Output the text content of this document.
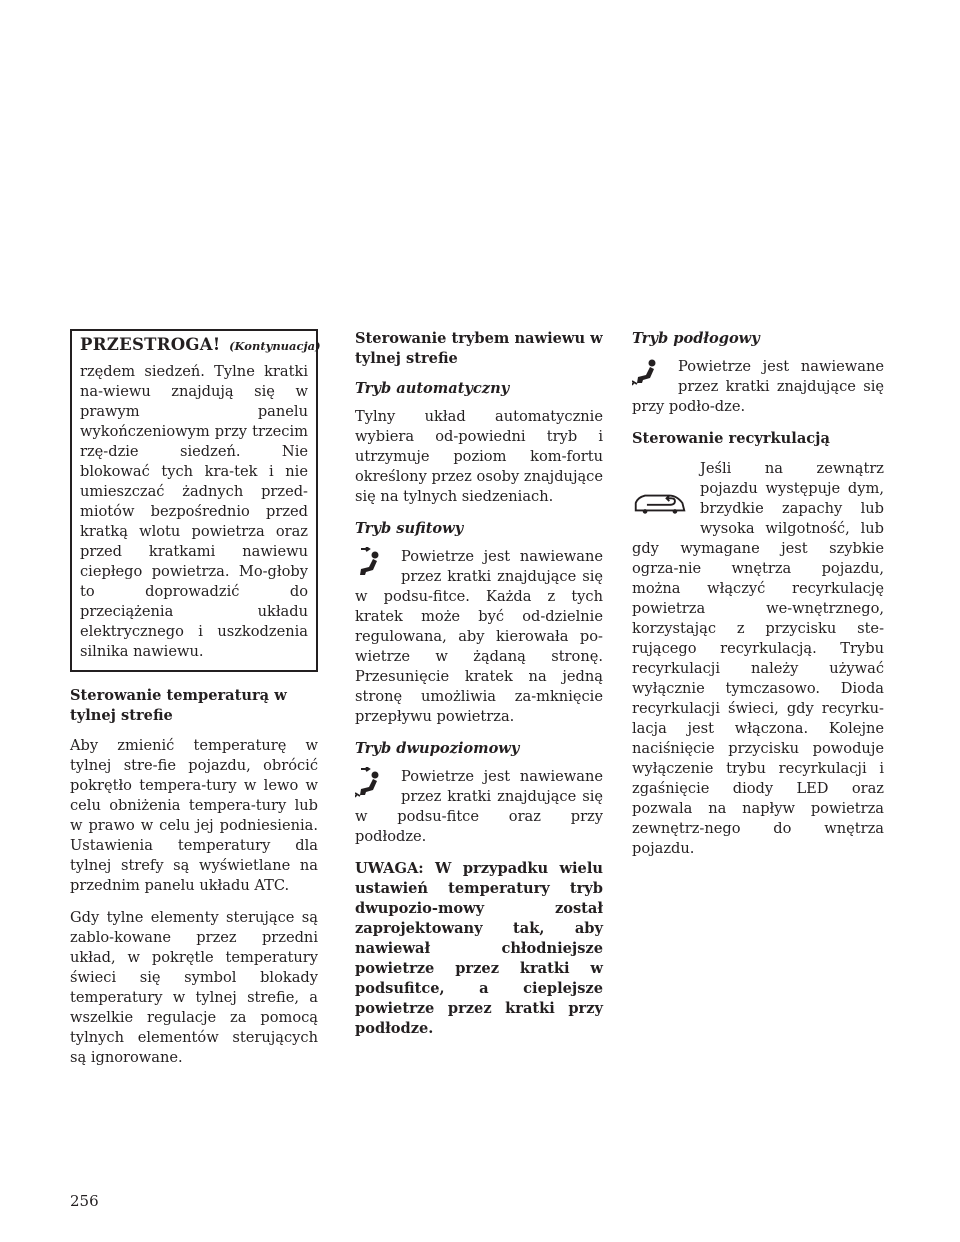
PRZESTROGA! (Kontynuacja)

rzędem siedzeń. Tylne kratki na-wiewu znajdują się w prawym panelu wykończeniowym przy trzecim rzę-dzie siedzeń. Nie blokować tych kra-tek i nie umieszczać żadnych przed-miotów bezpośrednio przed kratką wlotu powietrza oraz przed kratkami nawiewu ciepłego powietrza. Mo-głoby to doprowadzić do przeciążenia układu elektrycznego i uszkodzenia silnika nawiewu.

Sterowanie temperaturą w tylnej strefie

Aby zmienić temperaturę w tylnej stre-fie pojazdu, obrócić pokrętło tempera-tury w lewo w celu obniżenia tempera-tury lub w prawo w celu jej podniesienia. Ustawienia temperatury dla tylnej strefy są wyświetlane na przednim panelu układu ATC.

Gdy tylne elementy sterujące są zablo-kowane przez przedni układ, w pokrętle temperatury świeci się symbol blokady temperatury w tylnej strefie, a wszelkie regulacje za pomocą tylnych elementów sterujących są ignorowane.

Sterowanie trybem nawiewu w tylnej strefie
Tryb automatyczny

Tylny układ automatycznie wybiera od-powiedni tryb i utrzymuje poziom kom-fortu określony przez osoby znajdujące się na tylnych siedzeniach.

Tryb sufitowy

Powietrze jest nawiewane przez kratki znajdujące się w podsu-fitce. Każda z tych kratek może być od-dzielnie regulowana, aby kierowała po-wietrze w żądaną stronę. Przesunięcie kratek na jedną stronę umożliwia za-mknięcie przepływu powietrza.

Tryb dwupoziomowy

Powietrze jest nawiewane przez kratki znajdujące się w podsu-fitce oraz przy podłodze.

UWAGA: W przypadku wielu ustawień temperatury tryb dwupozio-mowy został zaprojektowany tak, aby nawiewał chłodniejsze powietrze przez kratki w podsufitce, a cieplejsze powietrze przez kratki przy podłodze.

Tryb podłogowy

Powietrze jest nawiewane przez kratki znajdujące się przy podło-dze.

Sterowanie recyrkulacją

Jeśli na zewnątrz pojazdu występuje dym, brzydkie zapachy lub wysoka wilgotność, lub gdy wymagane jest szybkie ogrza-nie wnętrza pojazdu, można włączyć recyrkulację powietrza we-wnętrznego, korzystając z przycisku ste-rującego recyrkulacją. Trybu recyrkulacji należy używać wyłącznie tymczasowo. Dioda recyrkulacji świeci, gdy recyrku-lacja jest włączona. Kolejne naciśnięcie przycisku powoduje wyłączenie trybu recyrkulacji i zgaśnięcie diody LED oraz pozwala na napływ powietrza zewnętrz-nego do wnętrza pojazdu.

256
